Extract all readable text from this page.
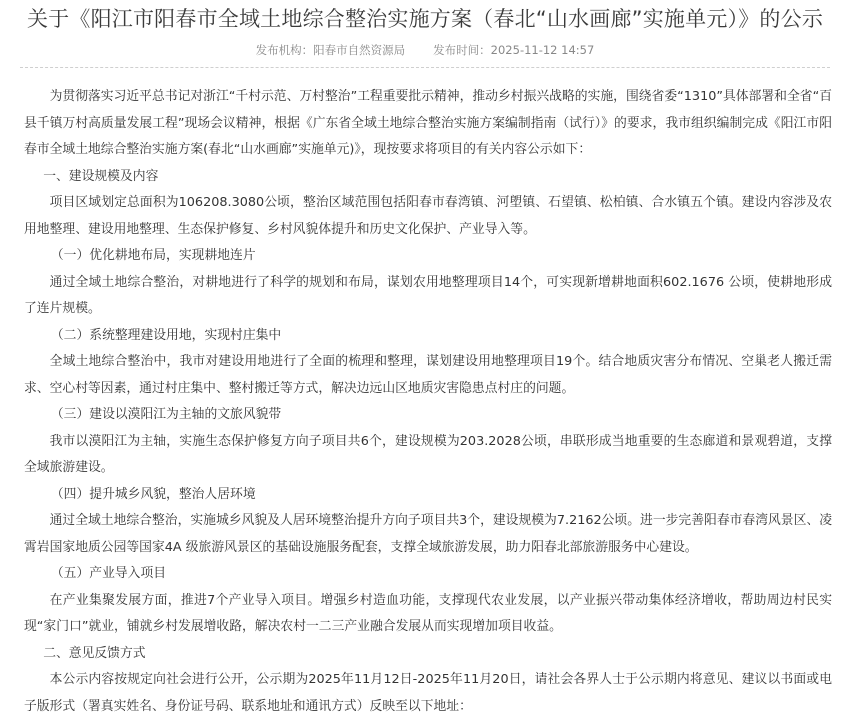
关于《阳江市阳春市全域土地综合整治实施方案（春北“山水画廊”实施单元）》的公示
发布机构：阳春市自然资源局 发布时间：2025-11-12 14:57

为贯彻落实习近平总书记对浙江“千村示范、万村整治”工程重要批示精神，推动乡村振兴战略的实施，围绕省委“1310”具体部署和全省“百县千镇万村高质量发展工程”现场会议精神，根据《广东省全域土地综合整治实施方案编制指南（试行）》的要求，我市组织编制完成《阳江市阳春市全域土地综合整治实施方案(春北“山水画廊”实施单元)》，现按要求将项目的有关内容公示如下：

一、建设规模及内容

项目区域划定总面积为106208.3080公顷，整治区域范围包括阳春市春湾镇、河塱镇、石望镇、松柏镇、合水镇五个镇。建设内容涉及农用地整理、建设用地整理、生态保护修复、乡村风貌体提升和历史文化保护、产业导入等。

（一）优化耕地布局，实现耕地连片

通过全域土地综合整治，对耕地进行了科学的规划和布局，谋划农用地整理项目14个，可实现新增耕地面积602.1676 公顷，使耕地形成了连片规模。

（二）系统整理建设用地，实现村庄集中

全域土地综合整治中，我市对建设用地进行了全面的梳理和整理，谋划建设用地整理项目19个。结合地质灾害分布情况、空巢老人搬迁需求、空心村等因素，通过村庄集中、整村搬迁等方式，解决边远山区地质灾害隐患点村庄的问题。

（三）建设以漠阳江为主轴的文旅风貌带

我市以漠阳江为主轴，实施生态保护修复方向子项目共6个，建设规模为203.2028公顷，串联形成当地重要的生态廊道和景观碧道，支撑全域旅游建设。

（四）提升城乡风貌，整治人居环境

通过全域土地综合整治，实施城乡风貌及人居环境整治提升方向子项目共3个，建设规模为7.2162公顷。进一步完善阳春市春湾风景区、凌霄岩国家地质公园等国家4A 级旅游风景区的基础设施服务配套，支撑全域旅游发展，助力阳春北部旅游服务中心建设。

（五）产业导入项目

在产业集聚发展方面，推进7个产业导入项目。增强乡村造血功能，支撑现代农业发展，以产业振兴带动集体经济增收，帮助周边村民实现“家门口”就业，铺就乡村发展增收路，解决农村一二三产业融合发展从而实现增加项目收益。

二、意见反馈方式

本公示内容按规定向社会进行公开，公示期为2025年11月12日-2025年11月20日，请社会各界人士于公示期内将意见、建议以书面或电子版形式（署真实姓名、身份证号码、联系地址和通讯方式）反映至以下地址：
